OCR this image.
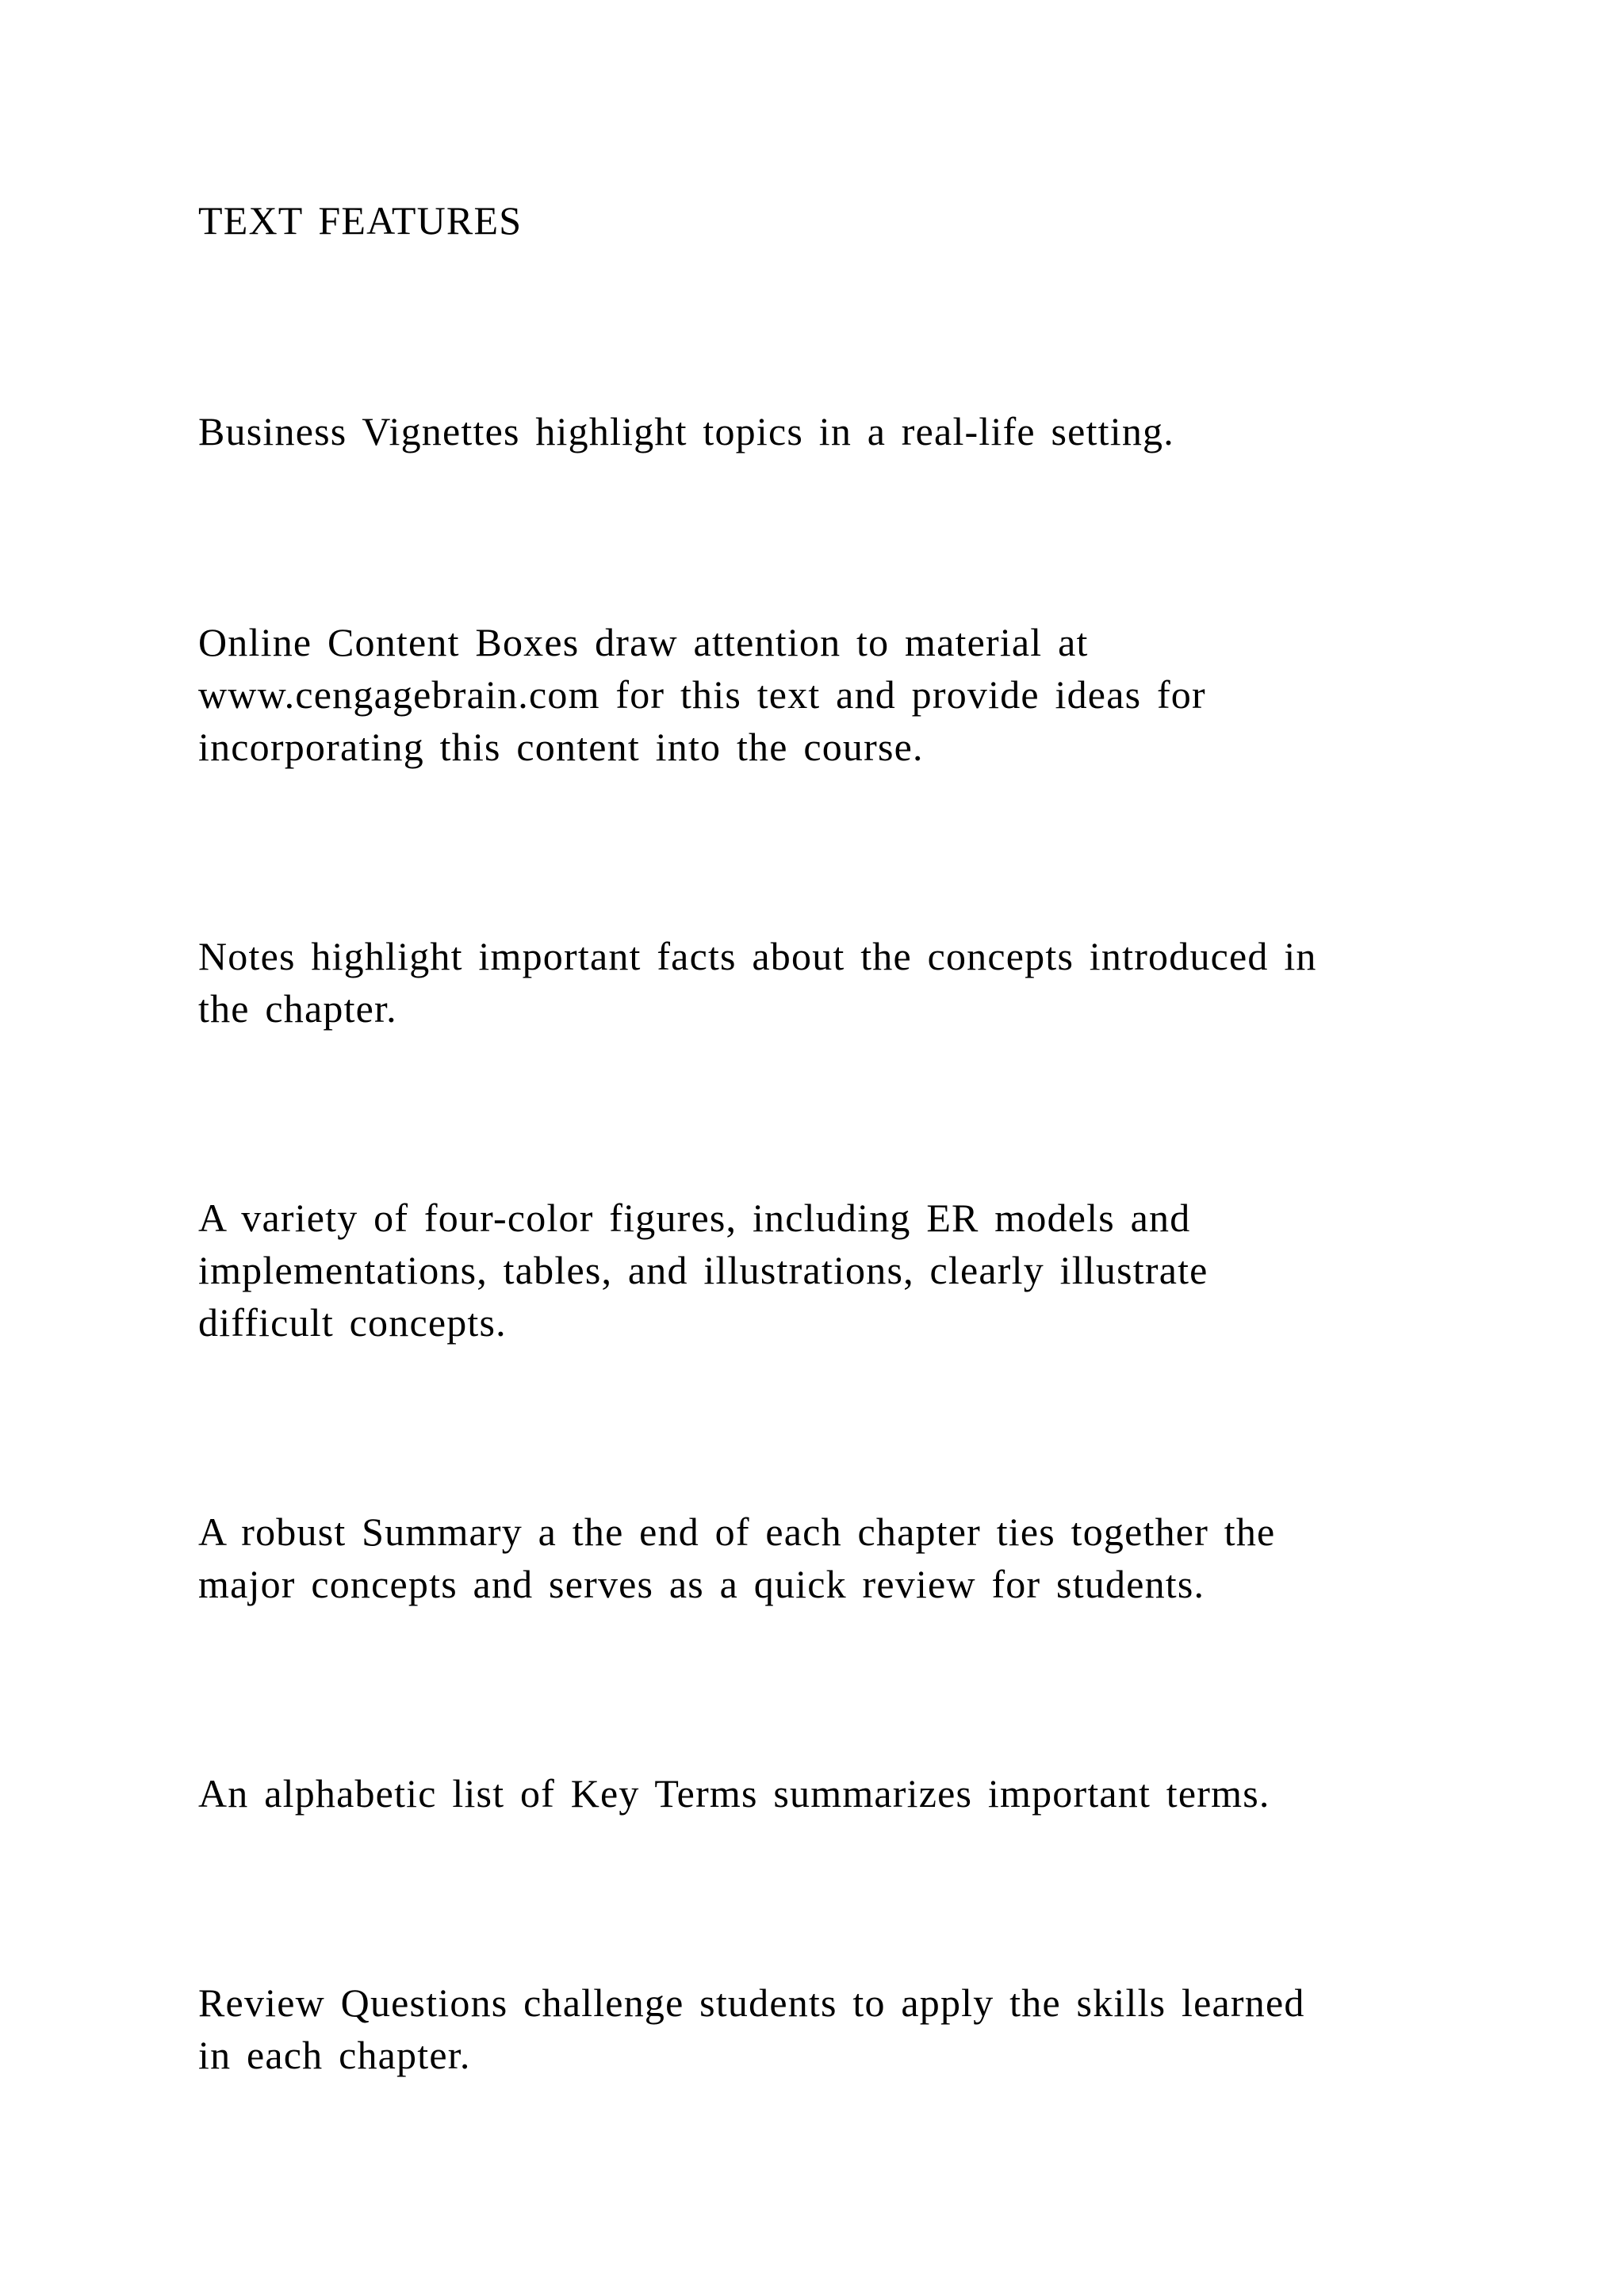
TEXT FEATURES

Business Vignettes highlight topics in a real-life setting.

Online Content Boxes draw attention to material at
www.cengagebrain.com for this text and provide ideas for
incorporating this content into the course.

Notes highlight important facts about the concepts introduced in
the chapter.

A variety of four-color figures, including ER models and
implementations, tables, and illustrations, clearly illustrate
difficult concepts.

A robust Summary a the end of each chapter ties together the
major concepts and serves as a quick review for students.

An alphabetic list of Key Terms summarizes important terms.

Review Questions challenge students to apply the skills learned
in each chapter.
